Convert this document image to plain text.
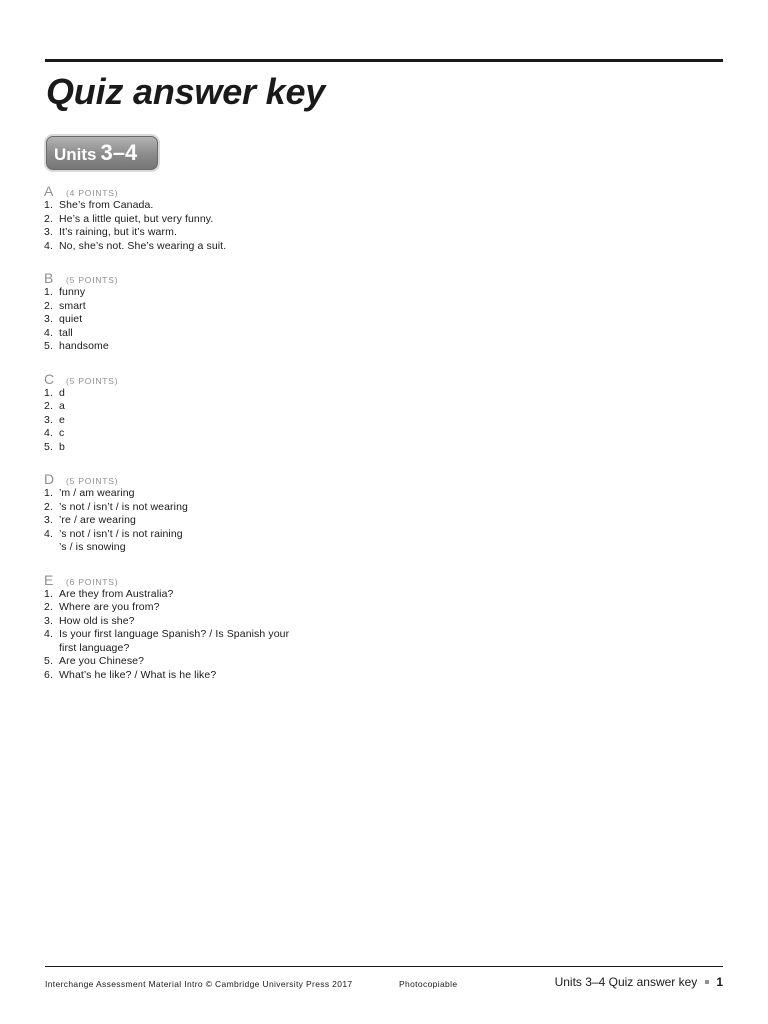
Quiz answer key
Units 3–4
A	(4 POINTS)
1. She’s from Canada.
2. He’s a little quiet, but very funny.
3. It’s raining, but it’s warm.
4. No, she’s not. She’s wearing a suit.
B	(5 POINTS)
1. funny
2. smart
3. quiet
4. tall
5. handsome
C	(5 POINTS)
1. d
2. a
3. e
4. c
5. b
D	(5 POINTS)
1. ’m / am wearing
2. ’s not / isn’t / is not wearing
3. ’re / are wearing
4. ’s not / isn’t / is not raining
’s / is snowing
E	(6 POINTS)
1. Are they from Australia?
2. Where are you from?
3. How old is she?
4. Is your first language Spanish? / Is Spanish your
first language?
5. Are you Chinese?
6. What’s he like? / What is he like?
Interchange Assessment Material Intro © Cambridge University Press 2017	Photocopiable	Units 3–4 Quiz answer key 1
